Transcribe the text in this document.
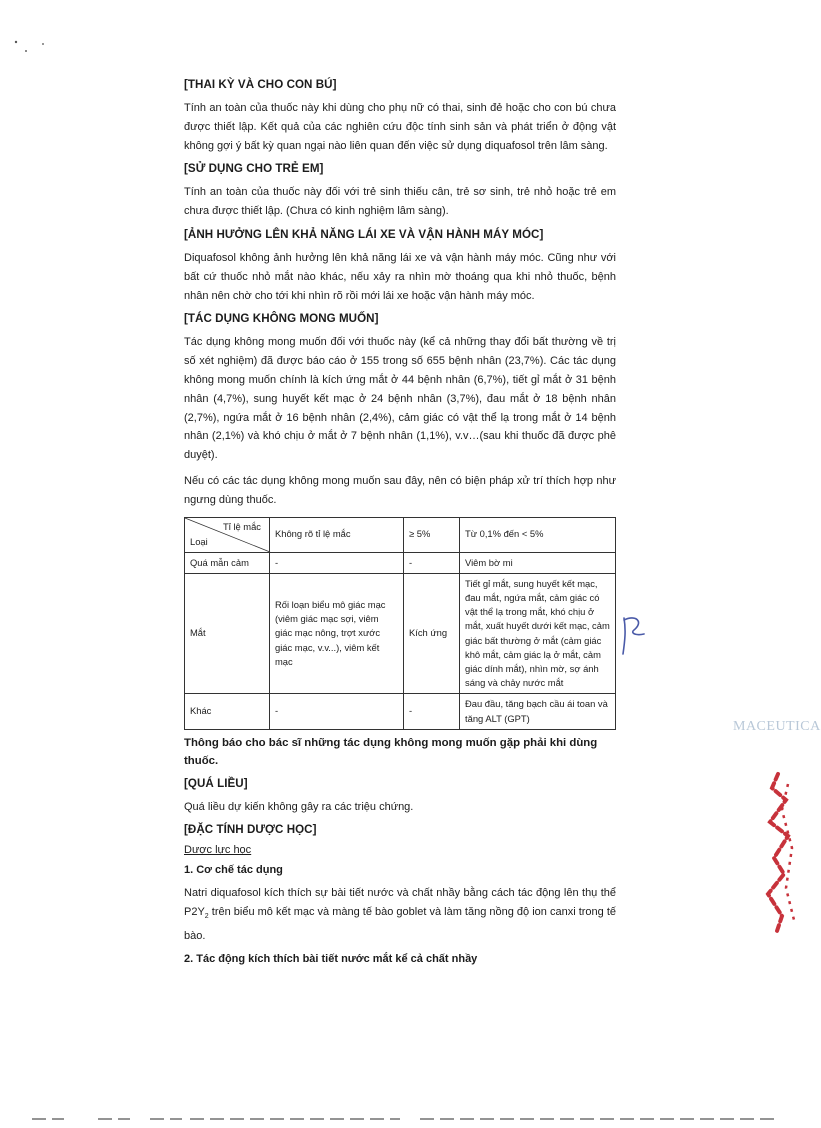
[THAI KỲ VÀ CHO CON BÚ]

Tính an toàn của thuốc này khi dùng cho phụ nữ có thai, sinh đẻ hoặc cho con bú chưa được thiết lập. Kết quả của các nghiên cứu độc tính sinh sản và phát triển ở động vật không gợi ý bất kỳ quan ngại nào liên quan đến việc sử dụng diquafosol trên lâm sàng.

[SỬ DỤNG CHO TRẺ EM]

Tính an toàn của thuốc này đối với trẻ sinh thiếu cân, trẻ sơ sinh, trẻ nhỏ hoặc trẻ em chưa được thiết lập. (Chưa có kinh nghiệm lâm sàng).

[ẢNH HƯỞNG LÊN KHẢ NĂNG LÁI XE VÀ VẬN HÀNH MÁY MÓC]

Diquafosol không ảnh hưởng lên khả năng lái xe và vận hành máy móc. Cũng như với bất cứ thuốc nhỏ mắt nào khác, nếu xảy ra nhìn mờ thoáng qua khi nhỏ thuốc, bệnh nhân nên chờ cho tới khi nhìn rõ rồi mới lái xe hoặc vận hành máy móc.

[TÁC DỤNG KHÔNG MONG MUỐN]

Tác dụng không mong muốn đối với thuốc này (kể cả những thay đổi bất thường về trị số xét nghiệm) đã được báo cáo ở 155 trong số 655 bệnh nhân (23,7%). Các tác dụng không mong muốn chính là kích ứng mắt ở 44 bệnh nhân (6,7%), tiết gỉ mắt ở 31 bệnh nhân (4,7%), sung huyết kết mạc ở 24 bệnh nhân (3,7%), đau mắt ở 18 bệnh nhân (2,7%), ngứa mắt ở 16 bệnh nhân (2,4%), cảm giác có vật thể lạ trong mắt ở 14 bệnh nhân (2,1%) và khó chịu ở mắt ở 7 bệnh nhân (1,1%), v.v…(sau khi thuốc đã được phê duyệt).

Nếu có các tác dụng không mong muốn sau đây, nên có biện pháp xử trí thích hợp như ngưng dùng thuốc.

Tỉ lệ mắc
Loại	Không rõ tỉ lệ mắc	≥ 5%	Từ 0,1% đến < 5%
Quá mẫn cảm	-	-	Viêm bờ mi
Mắt	Rối loạn biểu mô giác mạc (viêm giác mạc sợi, viêm giác mạc nông, trợt xước giác mạc, v.v...), viêm kết mạc	Kích ứng	Tiết gỉ mắt, sung huyết kết mạc, đau mắt, ngứa mắt, cảm giác có vật thể lạ trong mắt, khó chịu ở mắt, xuất huyết dưới kết mạc, cảm giác bất thường ở mắt (cảm giác khô mắt, cảm giác lạ ở mắt, cảm giác dính mắt), nhìn mờ, sợ ánh sáng và chảy nước mắt
Khác	-	-	Đau đầu, tăng bạch cầu ái toan và tăng ALT (GPT)

Thông báo cho bác sĩ những tác dụng không mong muốn gặp phải khi dùng thuốc.

[QUÁ LIỀU]

Quá liều dự kiến không gây ra các triệu chứng.

[ĐẶC TÍNH DƯỢC HỌC]
Dược lực học
1. Cơ chế tác dụng

Natri diquafosol kích thích sự bài tiết nước và chất nhầy bằng cách tác động lên thụ thể $P2Y_2$ trên biểu mô kết mạc và màng tế bào goblet và làm tăng nồng độ ion canxi trong tế bào.

2. Tác động kích thích bài tiết nước mắt kể cả chất nhầy
MACEUTICA
